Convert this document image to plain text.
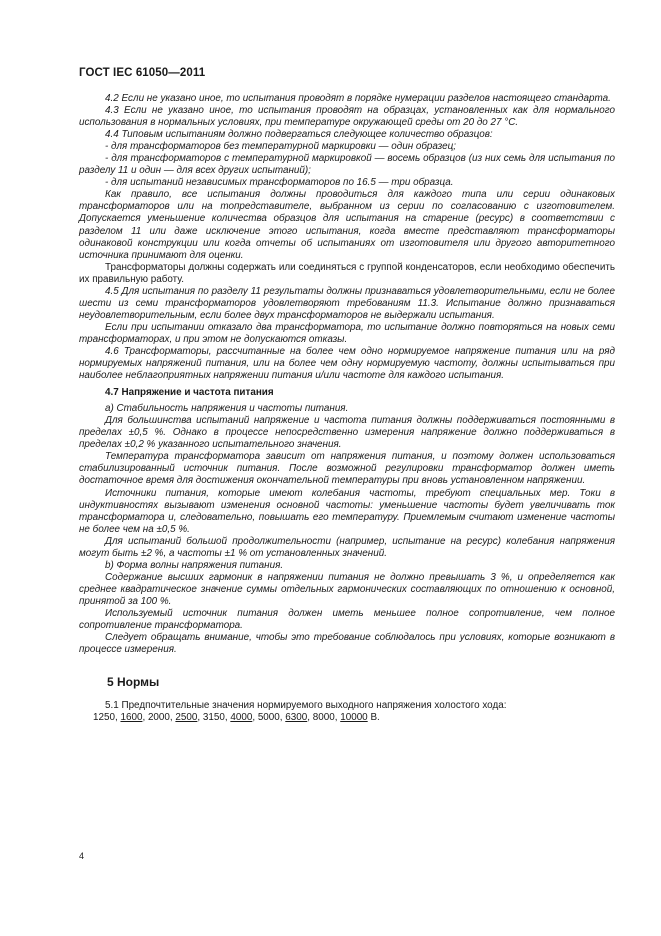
ГОСТ IEC 61050—2011

4.2 Если не указано иное, то испытания проводят в порядке нумерации разделов настоящего стандарта.

4.3 Если не указано иное, то испытания проводят на образцах, установленных как для нормального использования в нормальных условиях, при температуре окружающей среды от 20 до 27 °С.

4.4 Типовым испытаниям должно подвергаться следующее количество образцов:

- для трансформаторов без температурной маркировки — один образец;

- для трансформаторов с температурной маркировкой — восемь образцов (из них семь для испытания по разделу 11 и один — для всех других испытаний);

- для испытаний независимых трансформаторов по 16.5 — три образца.

Как правило, все испытания должны проводиться для каждого типа или серии одинаковых трансформаторов или на топредставителе, выбранном из серии по согласованию с изготовителем. Допускается уменьшение количества образцов для испытания на старение (ресурс) в соответствии с разделом 11 или даже исключение этого испытания, когда вместе представляют трансформаторы одинаковой конструкции или когда отчеты об испытаниях от изготовителя или другого авторитетного источника принимают для оценки.

Трансформаторы должны содержать или соединяться с группой конденсаторов, если необходимо обеспечить их правильную работу.

4.5 Для испытания по разделу 11 результаты должны признаваться удовлетворительными, если не более шести из семи трансформаторов удовлетворяют требованиям 11.3. Испытание должно признаваться неудовлетворительным, если более двух трансформаторов не выдержали испытания.

Если при испытании отказало два трансформатора, то испытание должно повторяться на новых семи трансформаторах, и при этом не допускаются отказы.

4.6 Трансформаторы, рассчитанные на более чем одно нормируемое напряжение питания или на ряд нормируемых напряжений питания, или на более чем одну нормируемую частоту, должны испытываться при наиболее неблагоприятных напряжении питания и/или частоте для каждого испытания.

4.7 Напряжение и частота питания

а) Стабильность напряжения и частоты питания.

Для большинства испытаний напряжение и частота питания должны поддерживаться постоянными в пределах ±0,5 %. Однако в процессе непосредственно измерения напряжение должно поддерживаться в пределах ±0,2 % указанного испытательного значения.

Температура трансформатора зависит от напряжения питания, и поэтому должен использоваться стабилизированный источник питания. После возможной регулировки трансформатор должен иметь достаточное время для достижения окончательной температуры при вновь установленном напряжении.

Источники питания, которые имеют колебания частоты, требуют специальных мер. Токи в индуктивностях вызывают изменения основной частоты: уменьшение частоты будет увеличивать ток трансформатора и, следовательно, повышать его температуру. Приемлемым считают изменение частоты не более чем на ±0,5 %.

Для испытаний большой продолжительности (например, испытание на ресурс) колебания напряжения могут быть ±2 %, а частоты ±1 % от установленных значений.

b) Форма волны напряжения питания.

Содержание высших гармоник в напряжении питания не должно превышать 3 %, и определяется как среднее квадратическое значение суммы отдельных гармонических составляющих по отношению к основной, принятой за 100 %.

Используемый источник питания должен иметь меньшее полное сопротивление, чем полное сопротивление трансформатора.

Следует обращать внимание, чтобы это требование соблюдалось при условиях, которые возникают в процессе измерения.

5 Нормы

5.1 Предпочтительные значения нормируемого выходного напряжения холостого хода:

1250, 1600, 2000, 2500, 3150, 4000, 5000, 6300, 8000, 10000 В.

4
